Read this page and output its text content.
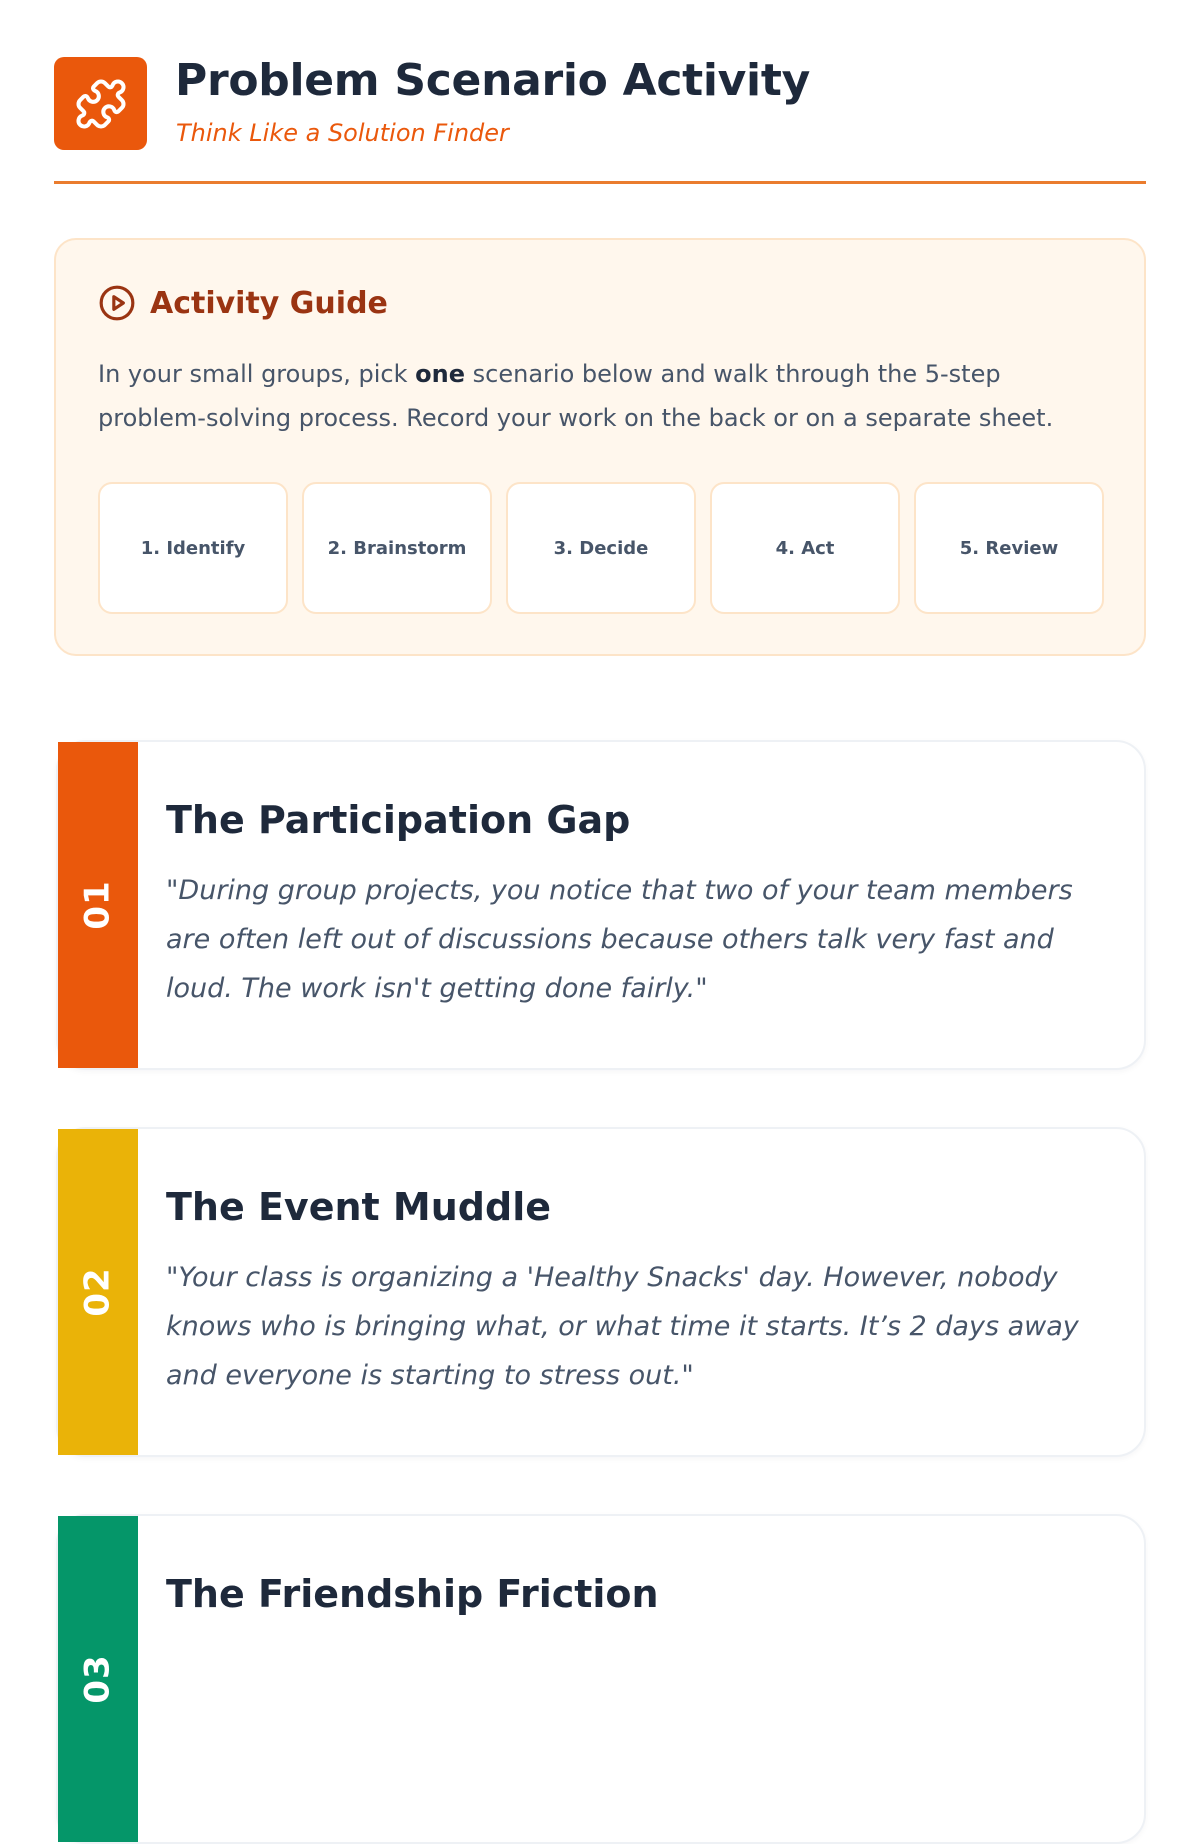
Problem Scenario Activity
Think Like a Solution Finder
Activity Guide

In your small groups, pick one scenario below and walk through the 5-step problem-solving process. Record your work on the back or on a separate sheet.

1. Identify	2. Brainstorm	3. Decide	4. Act	5. Review
01
The Participation Gap

"During group projects, you notice that two of your team members are often left out of discussions because others talk very fast and loud. The work isn't getting done fairly."

02
The Event Muddle

"Your class is organizing a 'Healthy Snacks' day. However, nobody knows who is bringing what, or what time it starts. It’s 2 days away and everyone is starting to stress out."

03
The Friendship Friction
